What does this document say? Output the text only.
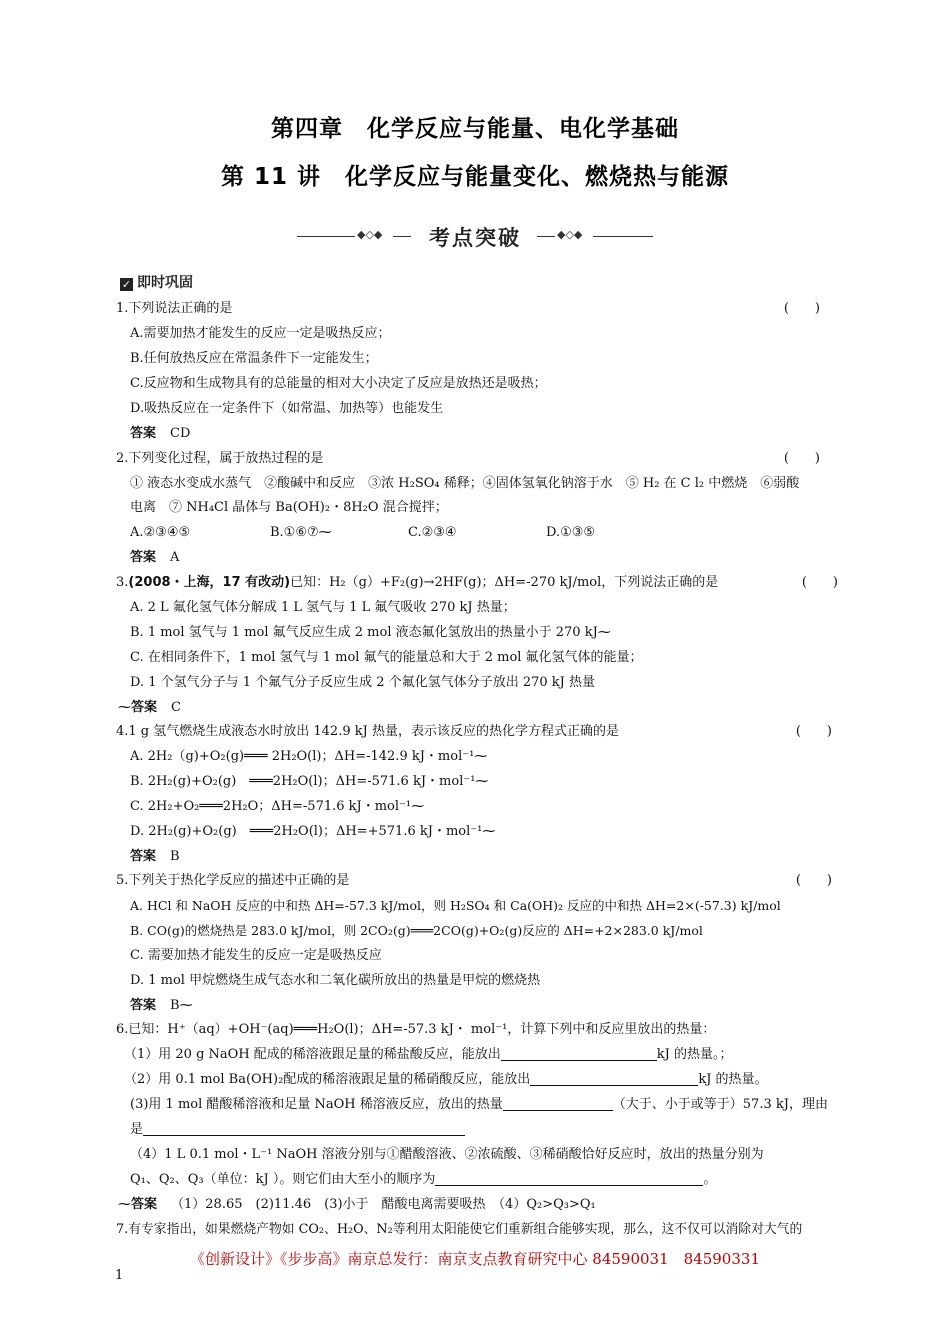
第四章　化学反应与能量、电化学基础
第 11 讲　化学反应与能量变化、燃烧热与能源
◆◇◆	考点突破	◆◇◆
✓ 即时巩固
1.下列说法正确的是	(　　)
A.需要加热才能发生的反应一定是吸热反应；
B.任何放热反应在常温条件下一定能发生；
C.反应物和生成物具有的总能量的相对大小决定了反应是放热还是吸热；
D.吸热反应在一定条件下（如常温、加热等）也能发生
答案 CD
2.下列变化过程，属于放热过程的是	(　　)
① 液态水变成水蒸气　②酸碱中和反应　③浓 H₂SO₄ 稀释；④固体氢氧化钠溶于水　⑤ H₂ 在 C l₂ 中燃烧　⑥弱酸
电离　⑦ NH₄Cl 晶体与 Ba(OH)₂・8H₂O 混合搅拌；
A.②③④⑤	B.①⑥⑦⁓	C.②③④	D.①③⑤
答案 A
3.(2008・上海，17 有改动)已知：H₂（g）+F₂(g)→2HF(g)；ΔH=-270 kJ/mol，下列说法正确的是	(　　)
A. 2 L 氟化氢气体分解成 1 L 氢气与 1 L 氟气吸收 270 kJ 热量；
B. 1 mol 氢气与 1 mol 氟气反应生成 2 mol 液态氟化氢放出的热量小于 270 kJ⁓
C. 在相同条件下，1 mol 氢气与 1 mol 氟气的能量总和大于 2 mol 氟化氢气体的能量；
D. 1 个氢气分子与 1 个氟气分子反应生成 2 个氟化氢气体分子放出 270 kJ 热量
⁓答案 C
4.1 g 氢气燃烧生成液态水时放出 142.9 kJ 热量，表示该反应的热化学方程式正确的是	(　　)
A. 2H₂（g)+O₂(g)═══ 2H₂O(l)；ΔH=-142.9 kJ・mol⁻¹⁓
B. 2H₂(g)+O₂(g)　═══2H₂O(l)；ΔH=-571.6 kJ・mol⁻¹⁓
C. 2H₂+O₂═══2H₂O；ΔH=-571.6 kJ・mol⁻¹⁓
D. 2H₂(g)+O₂(g)　═══2H₂O(l)；ΔH=+571.6 kJ・mol⁻¹⁓
答案 B
5.下列关于热化学反应的描述中正确的是	(　　)
A. HCl 和 NaOH 反应的中和热 ΔH=-57.3 kJ/mol，则 H₂SO₄ 和 Ca(OH)₂ 反应的中和热 ΔH=2×(-57.3) kJ/mol
B. CO(g)的燃烧热是 283.0 kJ/mol，则 2CO₂(g)═══2CO(g)+O₂(g)反应的 ΔH=+2×283.0 kJ/mol
C. 需要加热才能发生的反应一定是吸热反应
D. 1 mol 甲烷燃烧生成气态水和二氧化碳所放出的热量是甲烷的燃烧热
答案 B⁓
6.已知：H⁺（aq）+OH⁻(aq)═══H₂O(l)；ΔH=-57.3 kJ・ mol⁻¹，计算下列中和反应里放出的热量：
（1）用 20 g NaOH 配成的稀溶液跟足量的稀盐酸反应，能放出	kJ 的热量。；
（2）用 0.1 mol Ba(OH)₂配成的稀溶液跟足量的稀硝酸反应，能放出	kJ 的热量。
(3)用 1 mol 醋酸稀溶液和足量 NaOH 稀溶液反应，放出的热量	（大于、小于或等于）57.3 kJ，理由
是
（4）1 L 0.1 mol・L⁻¹ NaOH 溶液分别与①醋酸溶液、②浓硫酸、③稀硝酸恰好反应时，放出的热量分别为
Q₁、Q₂、Q₃（单位：kJ ）。则它们由大至小的顺序为	。
⁓答案 （1）28.65　(2)11.46　(3)小于　醋酸电离需要吸热　（4）Q₂>Q₃>Q₁
7.有专家指出，如果燃烧产物如 CO₂、H₂O、N₂等利用太阳能使它们重新组合能够实现，那么，这不仅可以消除对大气的
《创新设计》《步步高》南京总发行：南京支点教育研究中心 84590031　84590331
1
